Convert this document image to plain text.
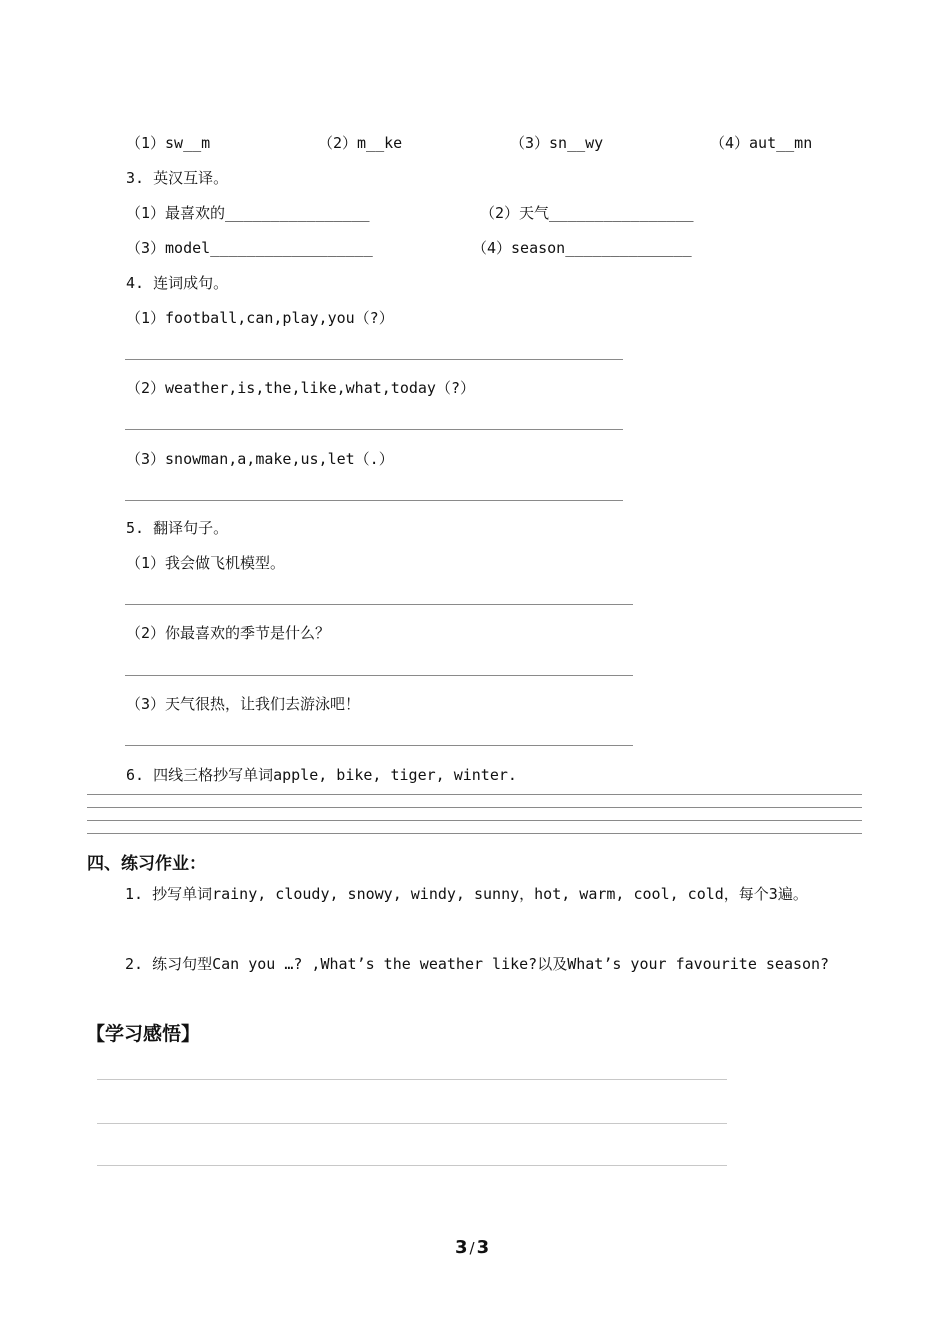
（1）sw__m	（2）m__ke	（3）sn__wy	（4）aut__mn
3. 英汉互译。
（1）最喜欢的________________	（2）天气________________
（3）model__________________	（4）season______________
4. 连词成句。
（1）football,can,play,you（?）
（2）weather,is,the,like,what,today（?）
（3）snowman,a,make,us,let（.）
5. 翻译句子。
（1）我会做飞机模型。
（2）你最喜欢的季节是什么？
（3）天气很热，让我们去游泳吧！
6. 四线三格抄写单词apple, bike, tiger, winter.
四、练习作业：
1. 抄写单词rainy, cloudy, snowy, windy, sunny，hot, warm, cool, cold，每个3遍。
2. 练习句型Can you …? ,What’s the weather like?以及What’s your favourite season?
【学习感悟】
3 / 3
